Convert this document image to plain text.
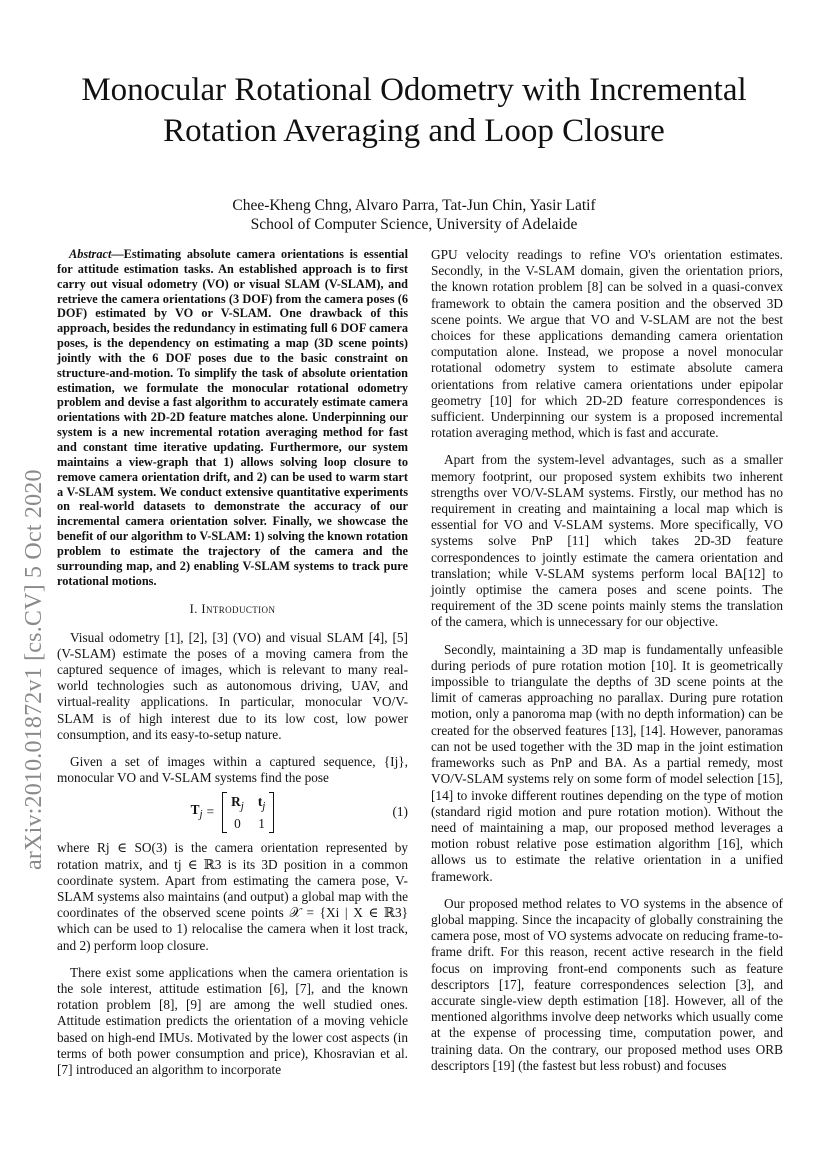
Monocular Rotational Odometry with Incremental Rotation Averaging and Loop Closure
Chee-Kheng Chng, Alvaro Parra, Tat-Jun Chin, Yasir Latif
School of Computer Science, University of Adelaide
arXiv:2010.01872v1 [cs.CV] 5 Oct 2020

Abstract—Estimating absolute camera orientations is essential for attitude estimation tasks. An established approach is to first carry out visual odometry (VO) or visual SLAM (V-SLAM), and retrieve the camera orientations (3 DOF) from the camera poses (6 DOF) estimated by VO or V-SLAM. One drawback of this approach, besides the redundancy in estimating full 6 DOF camera poses, is the dependency on estimating a map (3D scene points) jointly with the 6 DOF poses due to the basic constraint on structure-and-motion. To simplify the task of absolute orientation estimation, we formulate the monocular rotational odometry problem and devise a fast algorithm to accurately estimate camera orientations with 2D-2D feature matches alone. Underpinning our system is a new incremental rotation averaging method for fast and constant time iterative updating. Furthermore, our system maintains a view-graph that 1) allows solving loop closure to remove camera orientation drift, and 2) can be used to warm start a V-SLAM system. We conduct extensive quantitative experiments on real-world datasets to demonstrate the accuracy of our incremental camera orientation solver. Finally, we showcase the benefit of our algorithm to V-SLAM: 1) solving the known rotation problem to estimate the trajectory of the camera and the surrounding map, and 2) enabling V-SLAM systems to track pure rotational motions.

I. Introduction

Visual odometry [1], [2], [3] (VO) and visual SLAM [4], [5] (V-SLAM) estimate the poses of a moving camera from the captured sequence of images, which is relevant to many real-world technologies such as autonomous driving, UAV, and virtual-reality applications. In particular, monocular VO/V-SLAM is of high interest due to its low cost, low power consumption, and its easy-to-setup nature.

Given a set of images within a captured sequence, {Ij}, monocular VO and V-SLAM systems find the pose

$T_j$ =
$R_j$ $t_j$
0 1
(1)

where Rj ∈ SO(3) is the camera orientation represented by rotation matrix, and tj ∈ ℝ3 is its 3D position in a common coordinate system. Apart from estimating the camera pose, V-SLAM systems also maintains (and output) a global map with the coordinates of the observed scene points 𝒳 = {Xi | X ∈ ℝ3} which can be used to 1) relocalise the camera when it lost track, and 2) perform loop closure.

There exist some applications when the camera orientation is the sole interest, attitude estimation [6], [7], and the known rotation problem [8], [9] are among the well studied ones. Attitude estimation predicts the orientation of a moving vehicle based on high-end IMUs. Motivated by the lower cost aspects (in terms of both power consumption and price), Khosravian et al. [7] introduced an algorithm to incorporate

GPU velocity readings to refine VO's orientation estimates. Secondly, in the V-SLAM domain, given the orientation priors, the known rotation problem [8] can be solved in a quasi-convex framework to obtain the camera position and the observed 3D scene points. We argue that VO and V-SLAM are not the best choices for these applications demanding camera orientation computation alone. Instead, we propose a novel monocular rotational odometry system to estimate absolute camera orientations from relative camera orientations under epipolar geometry [10] for which 2D-2D feature correspondences is sufficient. Underpinning our system is a proposed incremental rotation averaging method, which is fast and accurate.

Apart from the system-level advantages, such as a smaller memory footprint, our proposed system exhibits two inherent strengths over VO/V-SLAM systems. Firstly, our method has no requirement in creating and maintaining a local map which is essential for VO and V-SLAM systems. More specifically, VO systems solve PnP [11] which takes 2D-3D feature correspondences to jointly estimate the camera orientation and translation; while V-SLAM systems perform local BA[12] to jointly optimise the camera poses and scene points. The requirement of the 3D scene points mainly stems the translation of the camera, which is unnecessary for our objective.

Secondly, maintaining a 3D map is fundamentally unfeasible during periods of pure rotation motion [10]. It is geometrically impossible to triangulate the depths of 3D scene points at the limit of cameras approaching no parallax. During pure rotation motion, only a panoroma map (with no depth information) can be created for the observed features [13], [14]. However, panoramas can not be used together with the 3D map in the joint estimation frameworks such as PnP and BA. As a partial remedy, most VO/V-SLAM systems rely on some form of model selection [15], [14] to invoke different routines depending on the type of motion (standard rigid motion and pure rotation motion). Without the need of maintaining a map, our proposed method leverages a motion robust relative pose estimation algorithm [16], which allows us to estimate the relative orientation in a unified framework.

Our proposed method relates to VO systems in the absence of global mapping. Since the incapacity of globally constraining the camera pose, most of VO systems advocate on reducing frame-to-frame drift. For this reason, recent active research in the field focus on improving front-end components such as feature descriptors [17], feature correspondences selection [3], and accurate single-view depth estimation [18]. However, all of the mentioned algorithms involve deep networks which usually come at the expense of processing time, computation power, and training data. On the contrary, our proposed method uses ORB descriptors [19] (the fastest but less robust) and focuses
